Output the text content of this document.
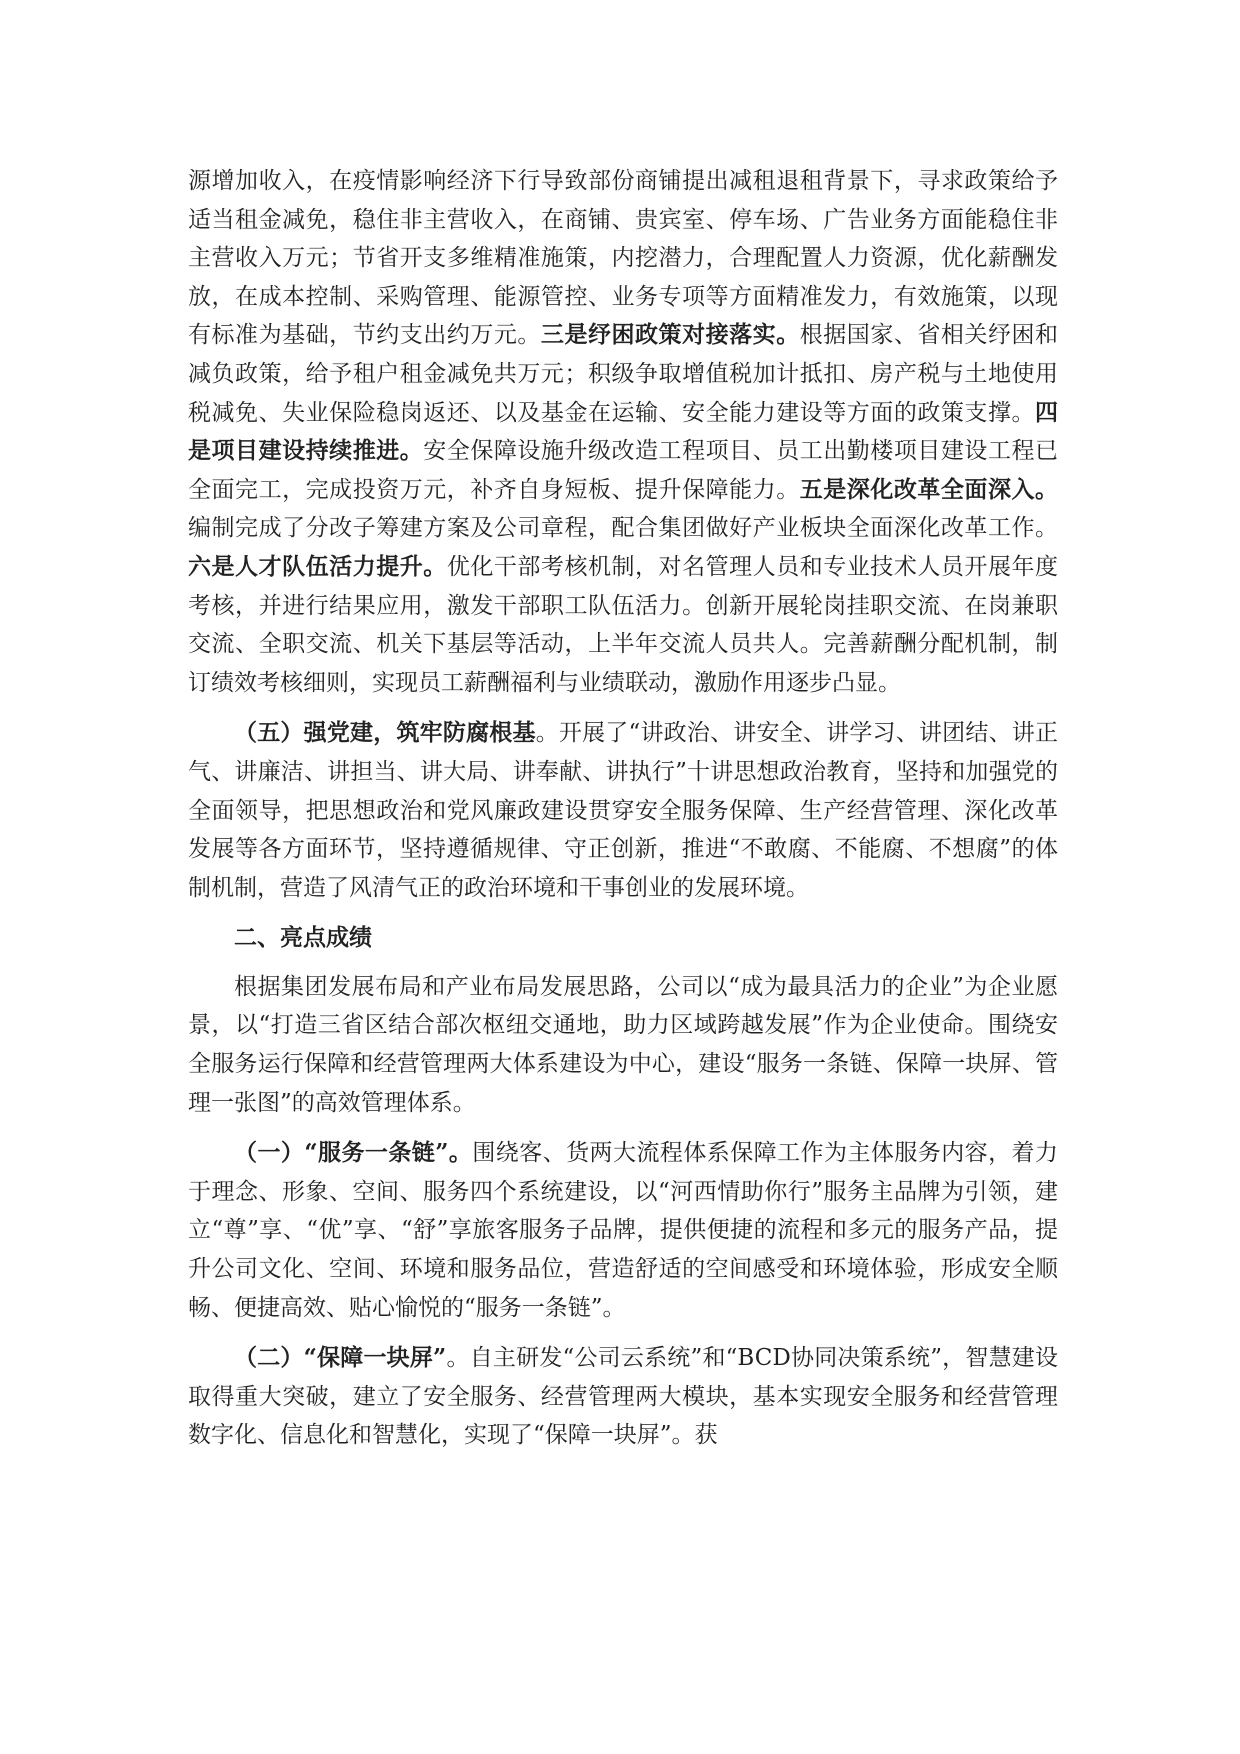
源增加收入，在疫情影响经济下行导致部份商铺提出减租退租背景下，寻求政策给予适当租金减免，稳住非主营收入，在商铺、贵宾室、停车场、广告业务方面能稳住非主营收入万元；节省开支多维精准施策，内挖潜力，合理配置人力资源，优化薪酬发放，在成本控制、采购管理、能源管控、业务专项等方面精准发力，有效施策，以现有标准为基础，节约支出约万元。三是纾困政策对接落实。根据国家、省相关纾困和减负政策，给予租户租金减免共万元；积级争取增值税加计抵扣、房产税与土地使用税减免、失业保险稳岗返还、以及基金在运输、安全能力建设等方面的政策支撑。四是项目建设持续推进。安全保障设施升级改造工程项目、员工出勤楼项目建设工程已全面完工，完成投资万元，补齐自身短板、提升保障能力。五是深化改革全面深入。编制完成了分改子筹建方案及公司章程，配合集团做好产业板块全面深化改革工作。六是人才队伍活力提升。优化干部考核机制，对名管理人员和专业技术人员开展年度考核，并进行结果应用，激发干部职工队伍活力。创新开展轮岗挂职交流、在岗兼职交流、全职交流、机关下基层等活动，上半年交流人员共人。完善薪酬分配机制，制订绩效考核细则，实现员工薪酬福利与业绩联动，激励作用逐步凸显。

（五）强党建，筑牢防腐根基。开展了“讲政治、讲安全、讲学习、讲团结、讲正气、讲廉洁、讲担当、讲大局、讲奉献、讲执行”十讲思想政治教育，坚持和加强党的全面领导，把思想政治和党风廉政建设贯穿安全服务保障、生产经营管理、深化改革发展等各方面环节，坚持遵循规律、守正创新，推进“不敢腐、不能腐、不想腐”的体制机制，营造了风清气正的政治环境和干事创业的发展环境。

二、亮点成绩

根据集团发展布局和产业布局发展思路，公司以“成为最具活力的企业”为企业愿景，以“打造三省区结合部次枢纽交通地，助力区域跨越发展”作为企业使命。围绕安全服务运行保障和经营管理两大体系建设为中心，建设“服务一条链、保障一块屏、管理一张图”的高效管理体系。

（一）“服务一条链”。围绕客、货两大流程体系保障工作为主体服务内容，着力于理念、形象、空间、服务四个系统建设，以“河西情助你行”服务主品牌为引领，建立“尊”享、“优”享、“舒”享旅客服务子品牌，提供便捷的流程和多元的服务产品，提升公司文化、空间、环境和服务品位，营造舒适的空间感受和环境体验，形成安全顺畅、便捷高效、贴心愉悦的“服务一条链”。

（二）“保障一块屏”。自主研发“公司云系统”和“BCD协同决策系统”，智慧建设取得重大突破，建立了安全服务、经营管理两大模块，基本实现安全服务和经营管理数字化、信息化和智慧化，实现了“保障一块屏”。获
